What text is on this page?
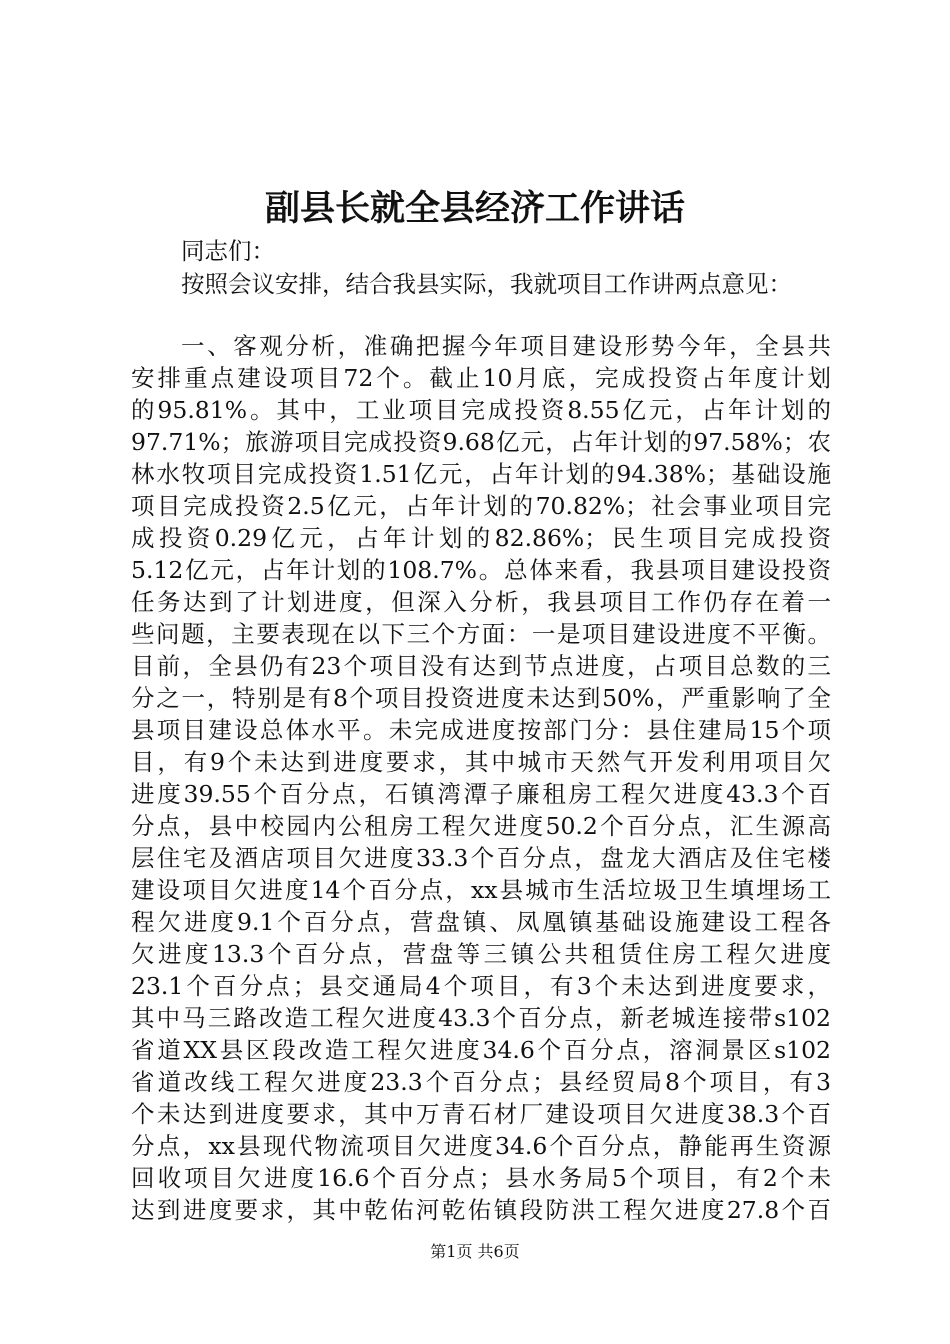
副县长就全县经济工作讲话
同志们：
按照会议安排，结合我县实际，我就项目工作讲两点意见：
一、客观分析，准确把握今年项目建设形势今年，全县共
安排重点建设项目72个。截止10月底，完成投资占年度计划
的95.81%。其中，工业项目完成投资8.55亿元，占年计划的
97.71%；旅游项目完成投资9.68亿元，占年计划的97.58%；农
林水牧项目完成投资1.51亿元，占年计划的94.38%；基础设施
项目完成投资2.5亿元，占年计划的70.82%；社会事业项目完
成投资0.29亿元，占年计划的82.86%；民生项目完成投资
5.12亿元，占年计划的108.7%。总体来看，我县项目建设投资
任务达到了计划进度，但深入分析，我县项目工作仍存在着一
些问题，主要表现在以下三个方面：一是项目建设进度不平衡。
目前，全县仍有23个项目没有达到节点进度，占项目总数的三
分之一，特别是有8个项目投资进度未达到50%，严重影响了全
县项目建设总体水平。未完成进度按部门分：县住建局15个项
目，有9个未达到进度要求，其中城市天然气开发利用项目欠
进度39.55个百分点，石镇湾潭子廉租房工程欠进度43.3个百
分点，县中校园内公租房工程欠进度50.2个百分点，汇生源高
层住宅及酒店项目欠进度33.3个百分点，盘龙大酒店及住宅楼
建设项目欠进度14个百分点，xx县城市生活垃圾卫生填埋场工
程欠进度9.1个百分点，营盘镇、凤凰镇基础设施建设工程各
欠进度13.3个百分点，营盘等三镇公共租赁住房工程欠进度
23.1个百分点；县交通局4个项目，有3个未达到进度要求，
其中马三路改造工程欠进度43.3个百分点，新老城连接带s102
省道XX县区段改造工程欠进度34.6个百分点，溶洞景区s102
省道改线工程欠进度23.3个百分点；县经贸局8个项目，有3
个未达到进度要求，其中万青石材厂建设项目欠进度38.3个百
分点，xx县现代物流项目欠进度34.6个百分点，静能再生资源
回收项目欠进度16.6个百分点；县水务局5个项目，有2个未
达到进度要求，其中乾佑河乾佑镇段防洪工程欠进度27.8个百
第1页 共6页
